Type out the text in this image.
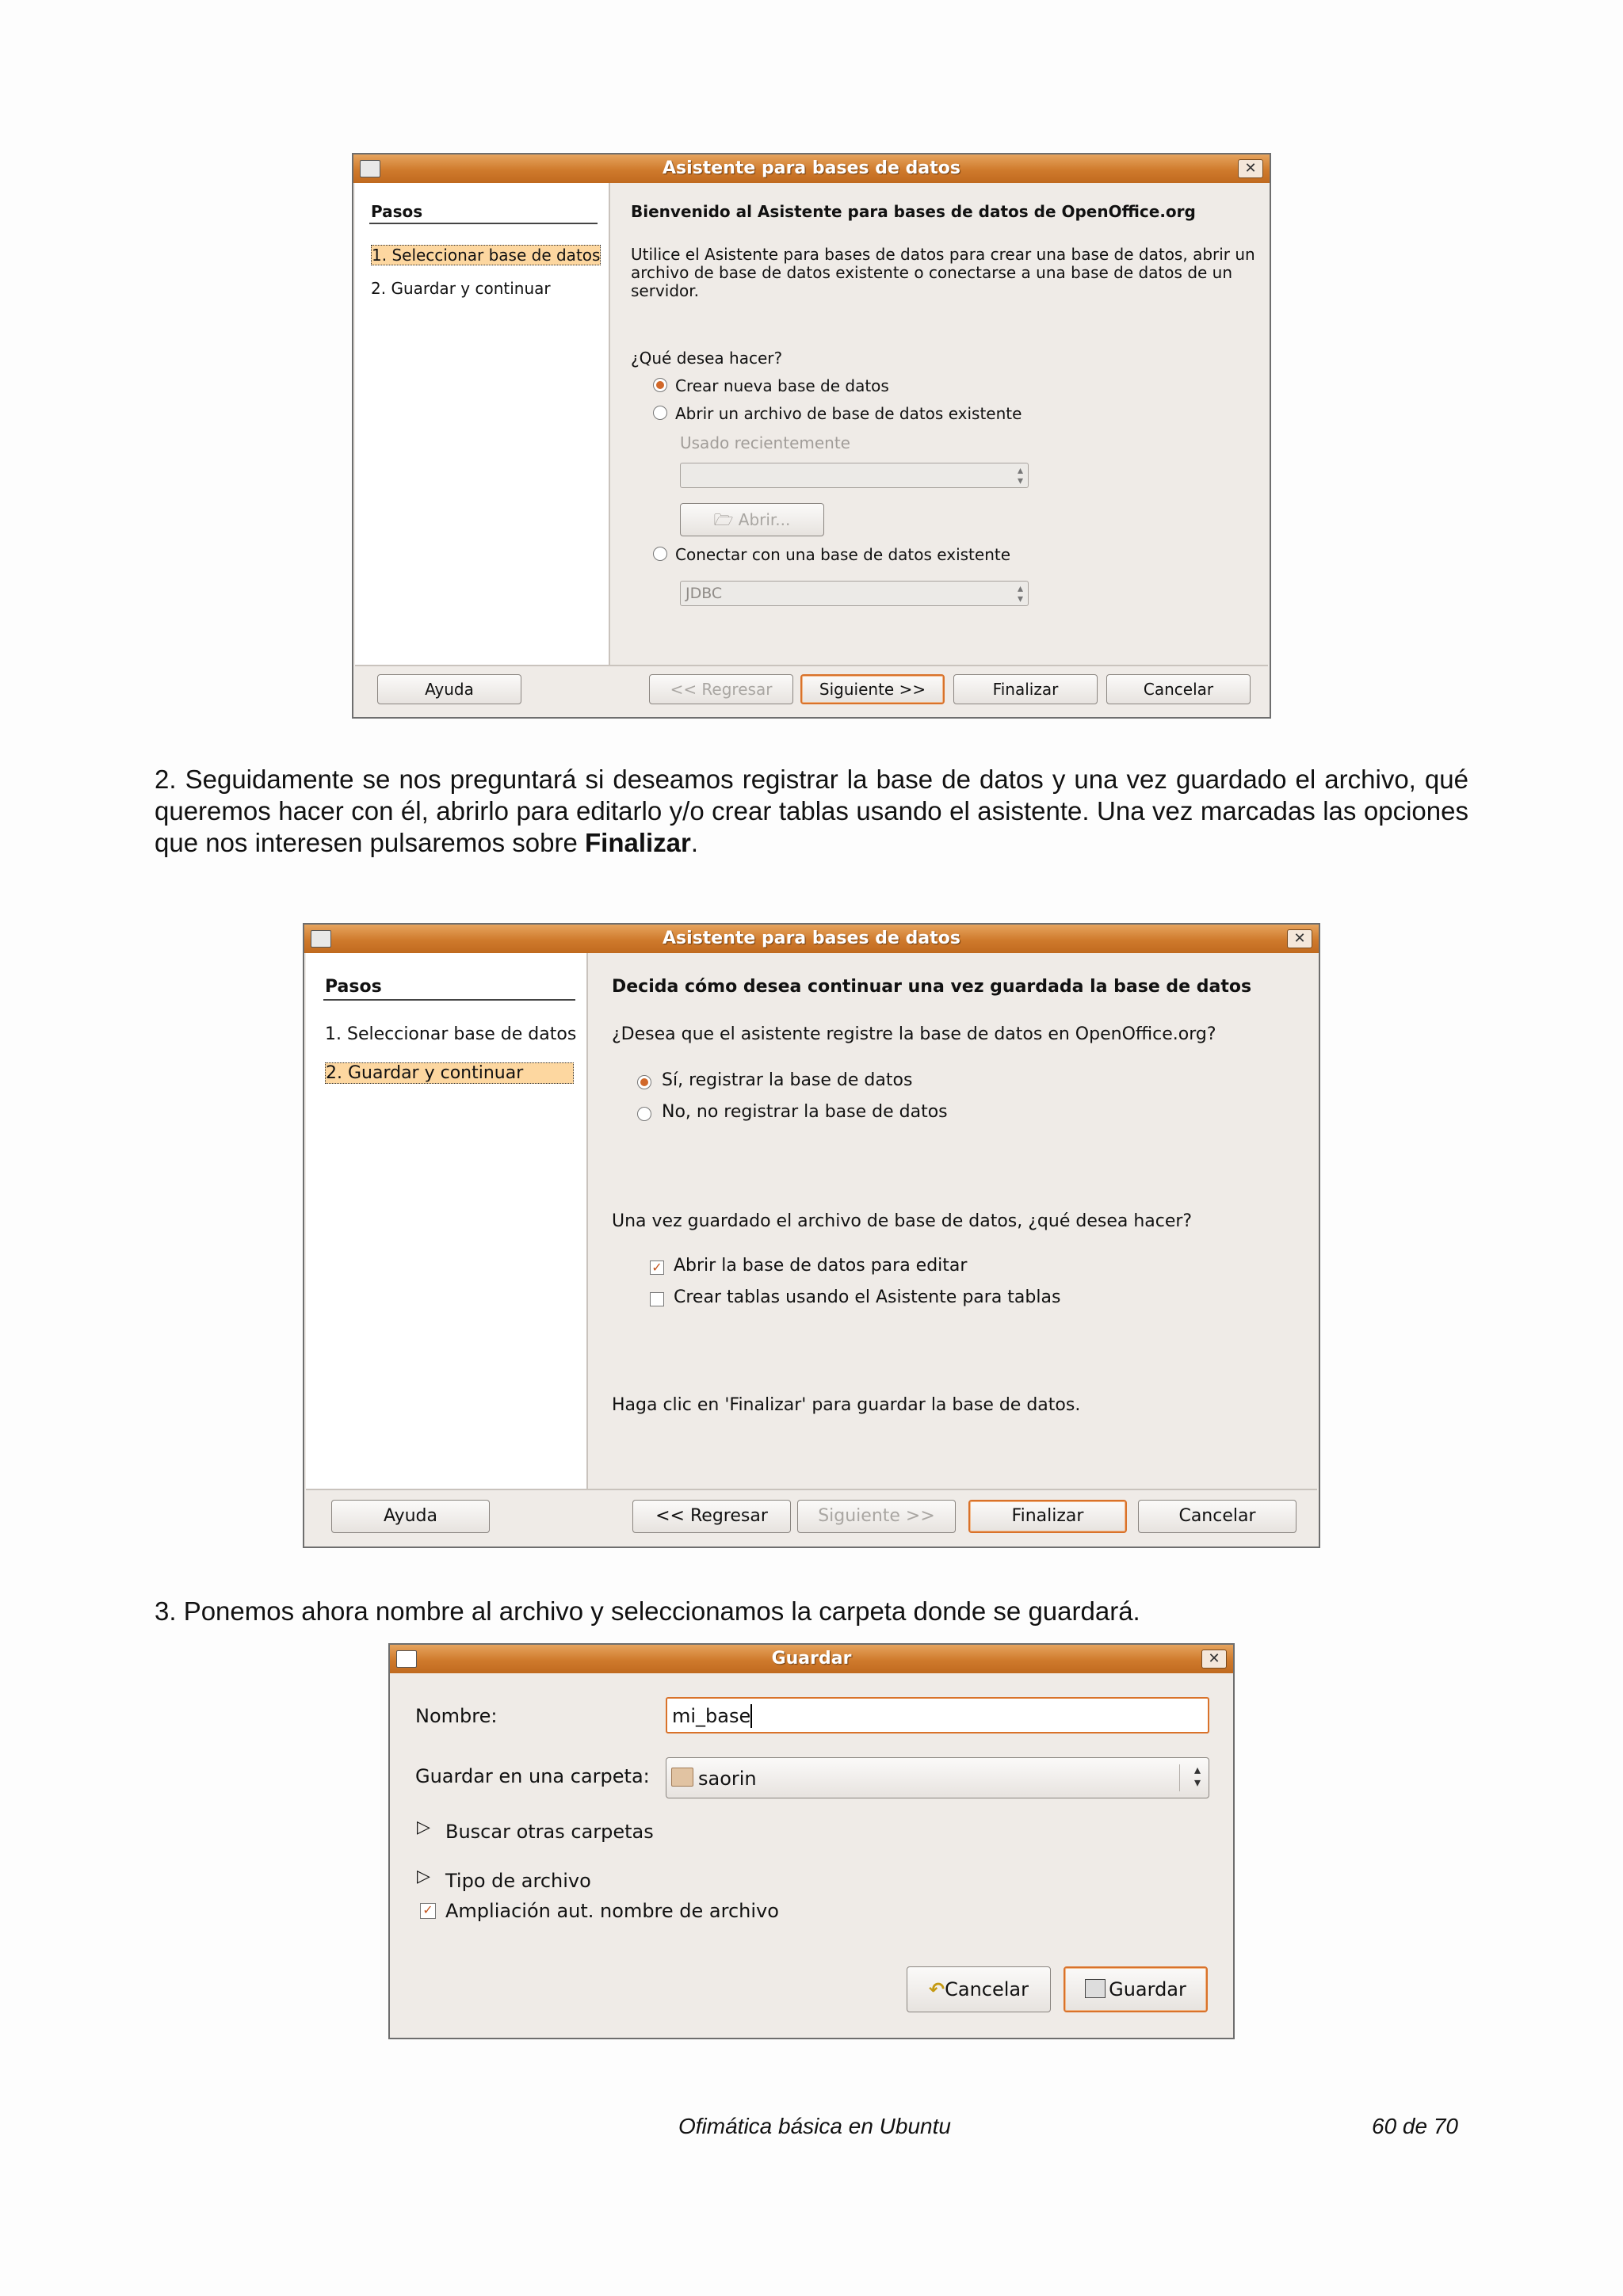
Asistente para bases de datos	✕
Pasos
1. Seleccionar base de datos
2. Guardar y continuar
Bienvenido al Asistente para bases de datos de OpenOffice.org
Utilice el Asistente para bases de datos para crear una base de datos, abrir un
archivo de base de datos existente o conectarse a una base de datos de un
servidor.
¿Qué desea hacer?
Crear nueva base de datos
Abrir un archivo de base de datos existente
Usado recientemente
▴
▾
🗁 Abrir...
Conectar con una base de datos existente
JDBC	▴
▾
Ayuda	<< Regresar	Siguiente >>	Finalizar	Cancelar
2. Seguidamente se nos preguntará si deseamos registrar la base de datos y una vez guardado el archivo, qué queremos hacer con él, abrirlo para editarlo y/o crear tablas usando el asistente. Una vez marcadas las opciones que nos interesen pulsaremos sobre Finalizar.
Asistente para bases de datos	✕
Pasos
1. Seleccionar base de datos
2. Guardar y continuar
Decida cómo desea continuar una vez guardada la base de datos
¿Desea que el asistente registre la base de datos en OpenOffice.org?
Sí, registrar la base de datos
No, no registrar la base de datos
Una vez guardado el archivo de base de datos, ¿qué desea hacer?
✓ Abrir la base de datos para editar
Crear tablas usando el Asistente para tablas
Haga clic en 'Finalizar' para guardar la base de datos.
Ayuda	<< Regresar	Siguiente >>	Finalizar	Cancelar
3. Ponemos ahora nombre al archivo y seleccionamos la carpeta donde se guardará.
Guardar	✕
Nombre:	mi_base
Guardar en una carpeta:	saorin	▴
▾
▷ Buscar otras carpetas
▷ Tipo de archivo
✓ Ampliación aut. nombre de archivo
↶Cancelar	Guardar
Ofimática básica en Ubuntu	60 de 70
